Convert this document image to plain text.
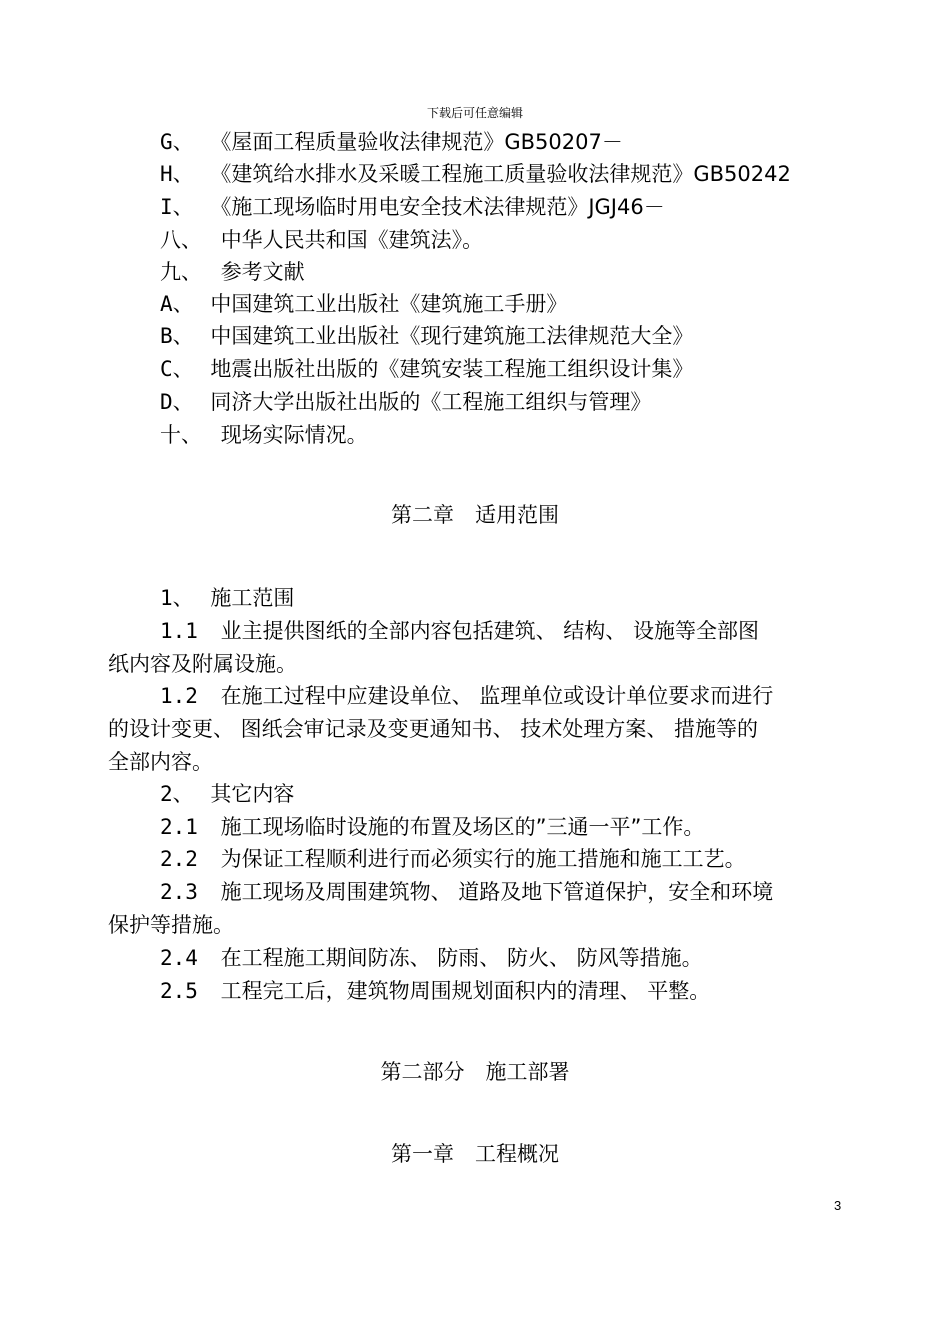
下载后可任意编辑
G、 《屋面工程质量验收法律规范》GB50207－
H、 《建筑给水排水及采暖工程施工质量验收法律规范》GB50242
I、 《施工现场临时用电安全技术法律规范》JGJ46－
八、 中华人民共和国《建筑法》。
九、 参考文献
A、 中国建筑工业出版社《建筑施工手册》
B、 中国建筑工业出版社《现行建筑施工法律规范大全》
C、 地震出版社出版的《建筑安装工程施工组织设计集》
D、 同济大学出版社出版的《工程施工组织与管理》
十、 现场实际情况。
第二章　适用范围
1、 施工范围
1.1 业主提供图纸的全部内容包括建筑、 结构、 设施等全部图
纸内容及附属设施。
1.2 在施工过程中应建设单位、 监理单位或设计单位要求而进行
的设计变更、 图纸会审记录及变更通知书、 技术处理方案、 措施等的
全部内容。
2、 其它内容
2.1 施工现场临时设施的布置及场区的”三通一平”工作。
2.2 为保证工程顺利进行而必须实行的施工措施和施工工艺。
2.3 施工现场及周围建筑物、 道路及地下管道保护，安全和环境
保护等措施。
2.4 在工程施工期间防冻、 防雨、 防火、 防风等措施。
2.5 工程完工后，建筑物周围规划面积内的清理、 平整。
第二部分　施工部署
第一章　工程概况
3
